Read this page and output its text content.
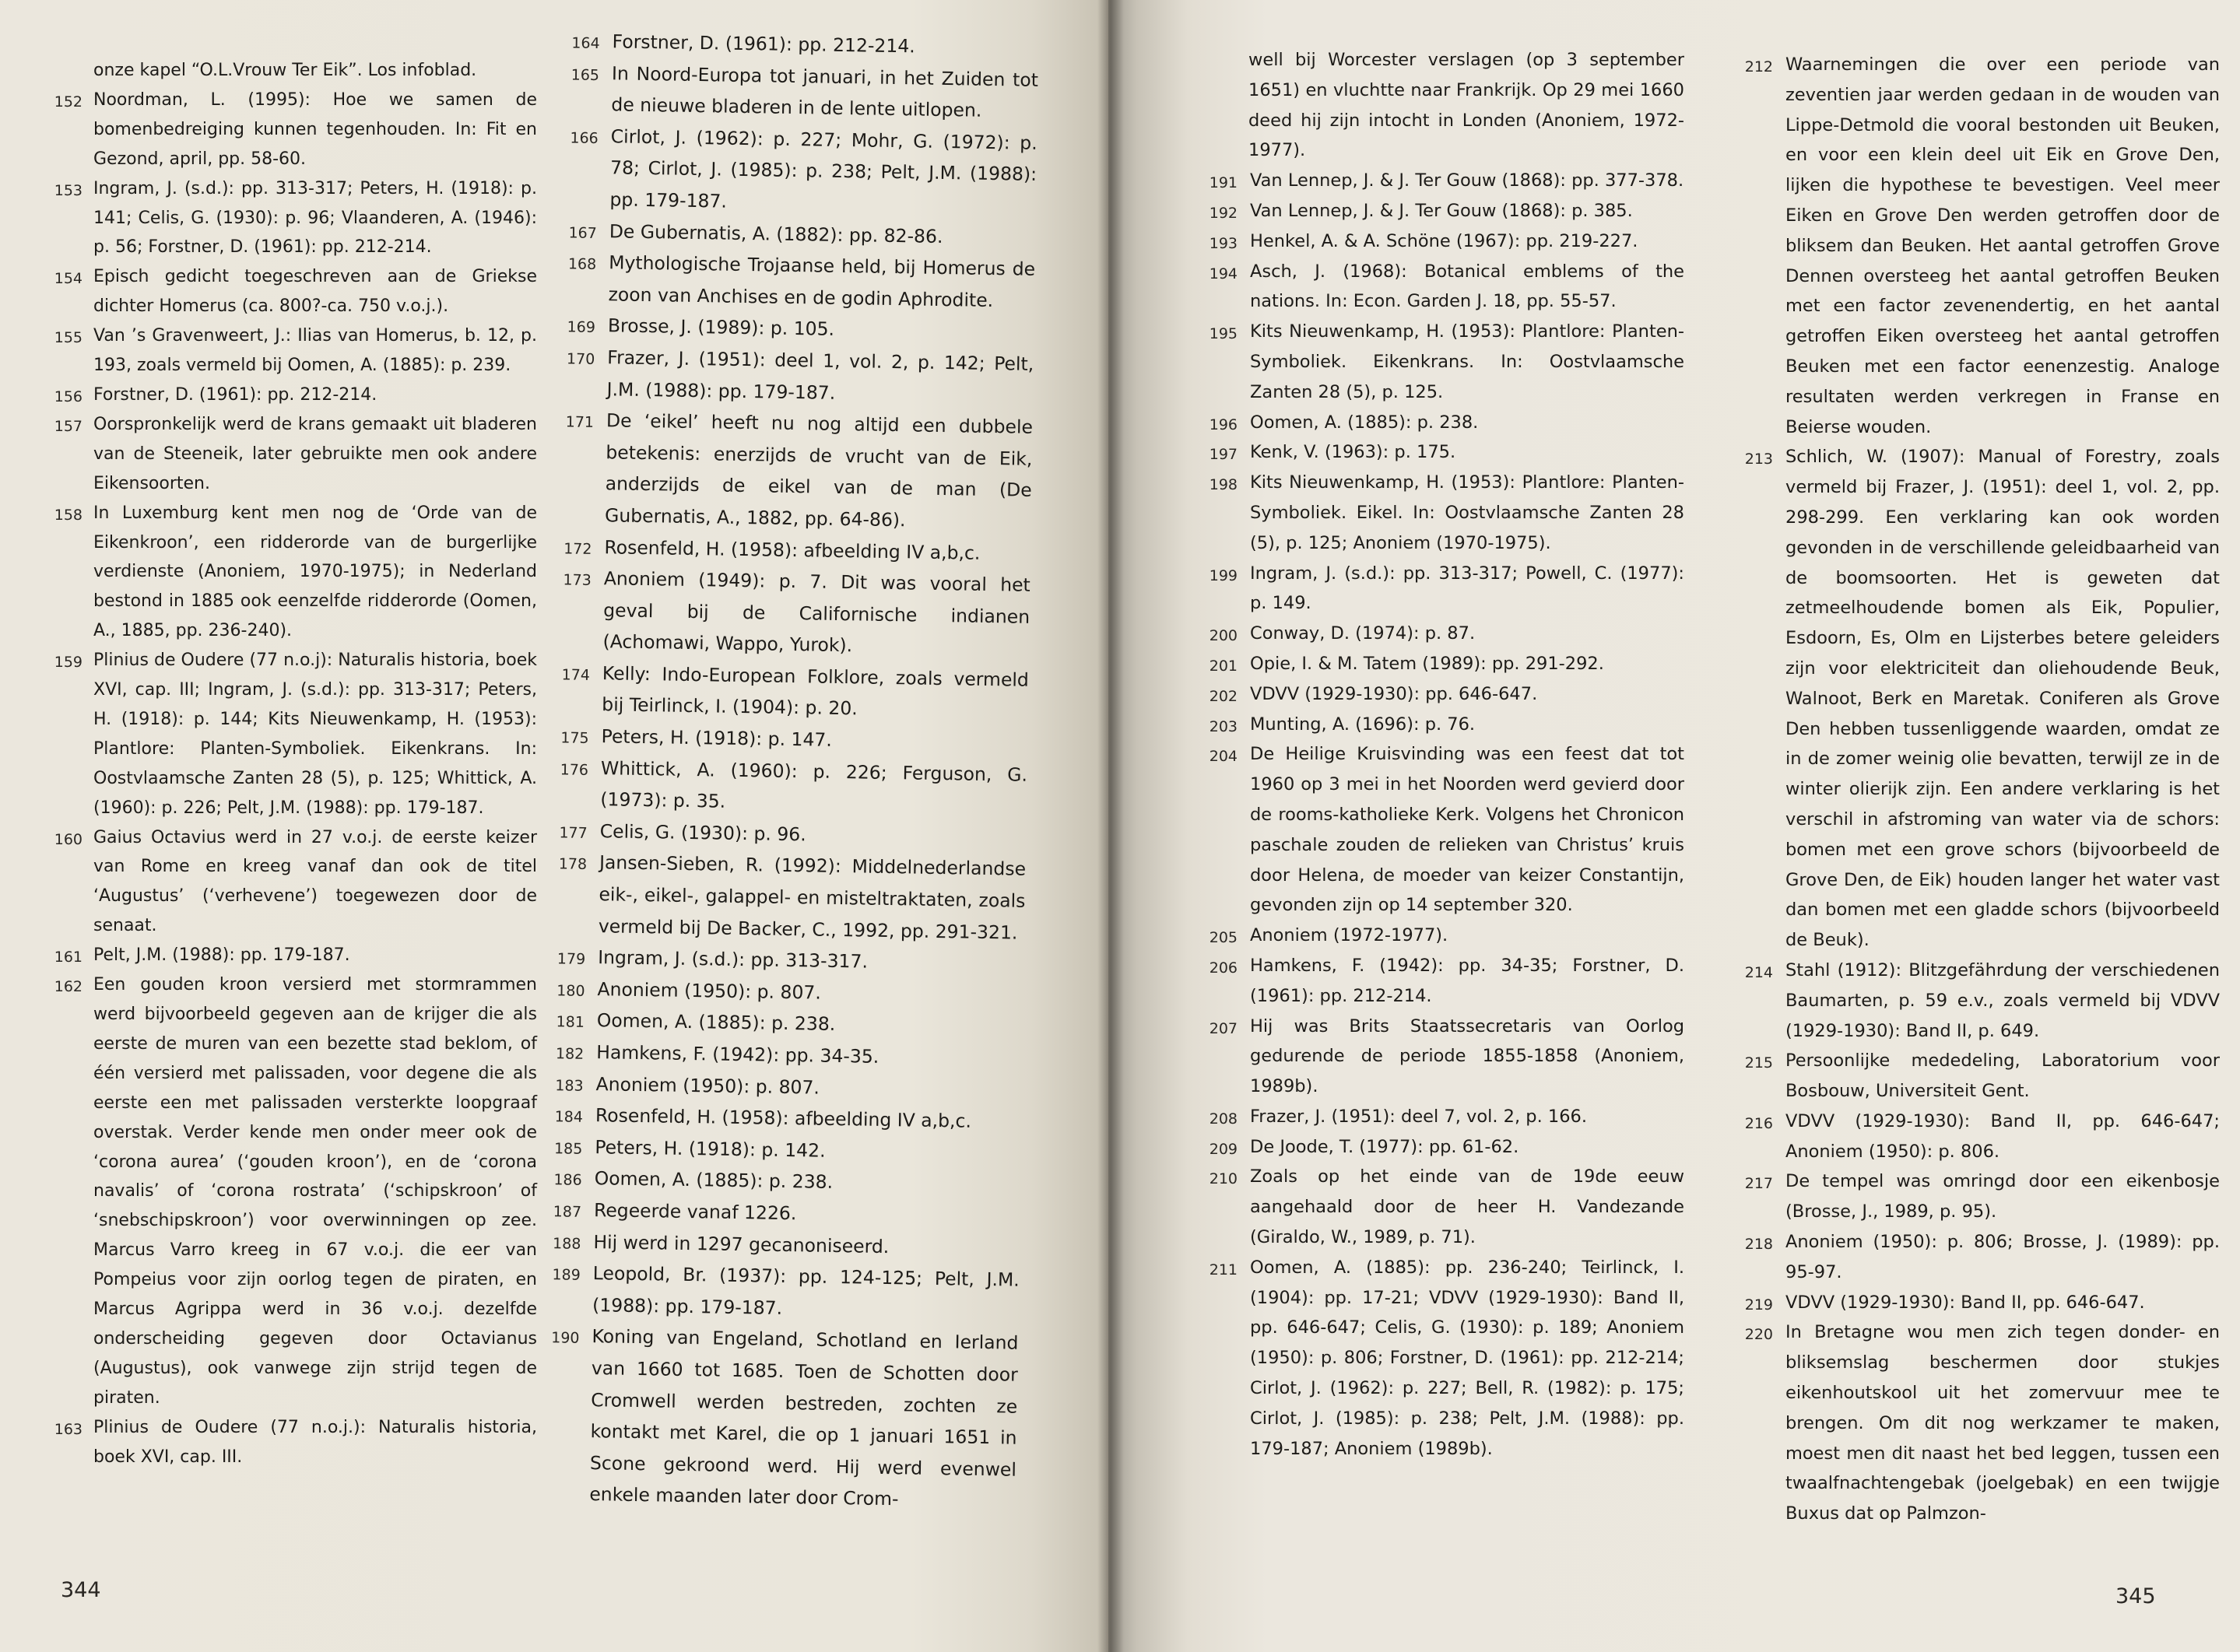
onze kapel “O.L.Vrouw Ter Eik”. Los infoblad.

152 Noordman, L. (1995): Hoe we samen de bomenbedreiging kunnen tegenhouden. In: Fit en Gezond, april, pp. 58-60.

153 Ingram, J. (s.d.): pp. 313-317; Peters, H. (1918): p. 141; Celis, G. (1930): p. 96; Vlaanderen, A. (1946): p. 56; Forstner, D. (1961): pp. 212-214.

154 Episch gedicht toegeschreven aan de Griekse dichter Homerus (ca. 800?-ca. 750 v.o.j.).

155 Van ’s Gravenweert, J.: Ilias van Homerus, b. 12, p. 193, zoals vermeld bij Oomen, A. (1885): p. 239.

156 Forstner, D. (1961): pp. 212-214.

157 Oorspronkelijk werd de krans gemaakt uit bladeren van de Steeneik, later gebruikte men ook andere Eikensoorten.

158 In Luxemburg kent men nog de ‘Orde van de Eikenkroon’, een ridderorde van de burgerlijke verdienste (Anoniem, 1970-1975); in Nederland bestond in 1885 ook eenzelfde ridderorde (Oomen, A., 1885, pp. 236-240).

159 Plinius de Oudere (77 n.o.j): Naturalis historia, boek XVI, cap. III; Ingram, J. (s.d.): pp. 313-317; Peters, H. (1918): p. 144; Kits Nieuwenkamp, H. (1953): Plantlore: Planten-Symboliek. Eikenkrans. In: Oostvlaamsche Zanten 28 (5), p. 125; Whittick, A. (1960): p. 226; Pelt, J.M. (1988): pp. 179-187.

160 Gaius Octavius werd in 27 v.o.j. de eerste keizer van Rome en kreeg vanaf dan ook de titel ‘Augustus’ (‘verhevene’) toegewezen door de senaat.

161 Pelt, J.M. (1988): pp. 179-187.

162 Een gouden kroon versierd met stormrammen werd bijvoorbeeld gegeven aan de krijger die als eerste de muren van een bezette stad beklom, of één versierd met palissaden, voor degene die als eerste een met palissaden versterkte loopgraaf overstak. Verder kende men onder meer ook de ‘corona aurea’ (‘gouden kroon’), en de ‘corona navalis’ of ‘corona rostrata’ (‘schipskroon’ of ‘snebschipskroon’) voor overwinningen op zee. Marcus Varro kreeg in 67 v.o.j. die eer van Pompeius voor zijn oorlog tegen de piraten, en Marcus Agrippa werd in 36 v.o.j. dezelfde onderscheiding gegeven door Octavianus (Augustus), ook vanwege zijn strijd tegen de piraten.

163 Plinius de Oudere (77 n.o.j.): Naturalis historia, boek XVI, cap. III.

164 Forstner, D. (1961): pp. 212-214.

165 In Noord-Europa tot januari, in het Zuiden tot de nieuwe bladeren in de lente uitlopen.

166 Cirlot, J. (1962): p. 227; Mohr, G. (1972): p. 78; Cirlot, J. (1985): p. 238; Pelt, J.M. (1988): pp. 179-187.

167 De Gubernatis, A. (1882): pp. 82-86.

168 Mythologische Trojaanse held, bij Homerus de zoon van Anchises en de godin Aphrodite.

169 Brosse, J. (1989): p. 105.

170 Frazer, J. (1951): deel 1, vol. 2, p. 142; Pelt, J.M. (1988): pp. 179-187.

171 De ‘eikel’ heeft nu nog altijd een dubbele betekenis: enerzijds de vrucht van de Eik, anderzijds de eikel van de man (De Gubernatis, A., 1882, pp. 64-86).

172 Rosenfeld, H. (1958): afbeelding IV a,b,c.

173 Anoniem (1949): p. 7. Dit was vooral het geval bij de Californische indianen (Achomawi, Wappo, Yurok).

174 Kelly: Indo-European Folklore, zoals vermeld bij Teirlinck, I. (1904): p. 20.

175 Peters, H. (1918): p. 147.

176 Whittick, A. (1960): p. 226; Ferguson, G. (1973): p. 35.

177 Celis, G. (1930): p. 96.

178 Jansen-Sieben, R. (1992): Middelnederlandse eik-, eikel-, galappel- en misteltraktaten, zoals vermeld bij De Backer, C., 1992, pp. 291-321.

179 Ingram, J. (s.d.): pp. 313-317.

180 Anoniem (1950): p. 807.

181 Oomen, A. (1885): p. 238.

182 Hamkens, F. (1942): pp. 34-35.

183 Anoniem (1950): p. 807.

184 Rosenfeld, H. (1958): afbeelding IV a,b,c.

185 Peters, H. (1918): p. 142.

186 Oomen, A. (1885): p. 238.

187 Regeerde vanaf 1226.

188 Hij werd in 1297 gecanoniseerd.

189 Leopold, Br. (1937): pp. 124-125; Pelt, J.M. (1988): pp. 179-187.

190 Koning van Engeland, Schotland en Ierland van 1660 tot 1685. Toen de Schotten door Cromwell werden bestreden, zochten ze kontakt met Karel, die op 1 januari 1651 in Scone gekroond werd. Hij werd evenwel enkele maanden later door Crom-

344

well bij Worcester verslagen (op 3 september 1651) en vluchtte naar Frankrijk. Op 29 mei 1660 deed hij zijn intocht in Londen (Anoniem, 1972-1977).

191 Van Lennep, J. & J. Ter Gouw (1868): pp. 377-378.

192 Van Lennep, J. & J. Ter Gouw (1868): p. 385.

193 Henkel, A. & A. Schöne (1967): pp. 219-227.

194 Asch, J. (1968): Botanical emblems of the nations. In: Econ. Garden J. 18, pp. 55-57.

195 Kits Nieuwenkamp, H. (1953): Plantlore: Planten-Symboliek. Eikenkrans. In: Oostvlaamsche Zanten 28 (5), p. 125.

196 Oomen, A. (1885): p. 238.

197 Kenk, V. (1963): p. 175.

198 Kits Nieuwenkamp, H. (1953): Plantlore: Planten-Symboliek. Eikel. In: Oostvlaamsche Zanten 28 (5), p. 125; Anoniem (1970-1975).

199 Ingram, J. (s.d.): pp. 313-317; Powell, C. (1977): p. 149.

200 Conway, D. (1974): p. 87.

201 Opie, I. & M. Tatem (1989): pp. 291-292.

202 VDVV (1929-1930): pp. 646-647.

203 Munting, A. (1696): p. 76.

204 De Heilige Kruisvinding was een feest dat tot 1960 op 3 mei in het Noorden werd gevierd door de rooms-katholieke Kerk. Volgens het Chronicon paschale zouden de relieken van Christus’ kruis door Helena, de moeder van keizer Constantijn, gevonden zijn op 14 september 320.

205 Anoniem (1972-1977).

206 Hamkens, F. (1942): pp. 34-35; Forstner, D. (1961): pp. 212-214.

207 Hij was Brits Staatssecretaris van Oorlog gedurende de periode 1855-1858 (Anoniem, 1989b).

208 Frazer, J. (1951): deel 7, vol. 2, p. 166.

209 De Joode, T. (1977): pp. 61-62.

210 Zoals op het einde van de 19de eeuw aangehaald door de heer H. Vandezande (Giraldo, W., 1989, p. 71).

211 Oomen, A. (1885): pp. 236-240; Teirlinck, I. (1904): pp. 17-21; VDVV (1929-1930): Band II, pp. 646-647; Celis, G. (1930): p. 189; Anoniem (1950): p. 806; Forstner, D. (1961): pp. 212-214; Cirlot, J. (1962): p. 227; Bell, R. (1982): p. 175; Cirlot, J. (1985): p. 238; Pelt, J.M. (1988): pp. 179-187; Anoniem (1989b).

212 Waarnemingen die over een periode van zeventien jaar werden gedaan in de wouden van Lippe-Detmold die vooral bestonden uit Beuken, en voor een klein deel uit Eik en Grove Den, lijken die hypothese te bevestigen. Veel meer Eiken en Grove Den werden getroffen door de bliksem dan Beuken. Het aantal getroffen Grove Dennen oversteeg het aantal getroffen Beuken met een factor zevenendertig, en het aantal getroffen Eiken oversteeg het aantal getroffen Beuken met een factor eenenzestig. Analoge resultaten werden verkregen in Franse en Beierse wouden.

213 Schlich, W. (1907): Manual of Forestry, zoals vermeld bij Frazer, J. (1951): deel 1, vol. 2, pp. 298-299. Een verklaring kan ook worden gevonden in de verschillende geleidbaarheid van de boomsoorten. Het is geweten dat zetmeelhoudende bomen als Eik, Populier, Esdoorn, Es, Olm en Lijsterbes betere geleiders zijn voor elektriciteit dan oliehoudende Beuk, Walnoot, Berk en Maretak. Coniferen als Grove Den hebben tussenliggende waarden, omdat ze in de zomer weinig olie bevatten, terwijl ze in de winter olierijk zijn. Een andere verklaring is het verschil in afstroming van water via de schors: bomen met een grove schors (bijvoorbeeld de Grove Den, de Eik) houden langer het water vast dan bomen met een gladde schors (bijvoorbeeld de Beuk).

214 Stahl (1912): Blitzgefährdung der verschiedenen Baumarten, p. 59 e.v., zoals vermeld bij VDVV (1929-1930): Band II, p. 649.

215 Persoonlijke mededeling, Laboratorium voor Bosbouw, Universiteit Gent.

216 VDVV (1929-1930): Band II, pp. 646-647; Anoniem (1950): p. 806.

217 De tempel was omringd door een eikenbosje (Brosse, J., 1989, p. 95).

218 Anoniem (1950): p. 806; Brosse, J. (1989): pp. 95-97.

219 VDVV (1929-1930): Band II, pp. 646-647.

220 In Bretagne wou men zich tegen donder- en bliksemslag beschermen door stukjes eikenhoutskool uit het zomervuur mee te brengen. Om dit nog werkzamer te maken, moest men dit naast het bed leggen, tussen een twaalfnachtengebak (joelgebak) en een twijgje Buxus dat op Palmzon-

345
